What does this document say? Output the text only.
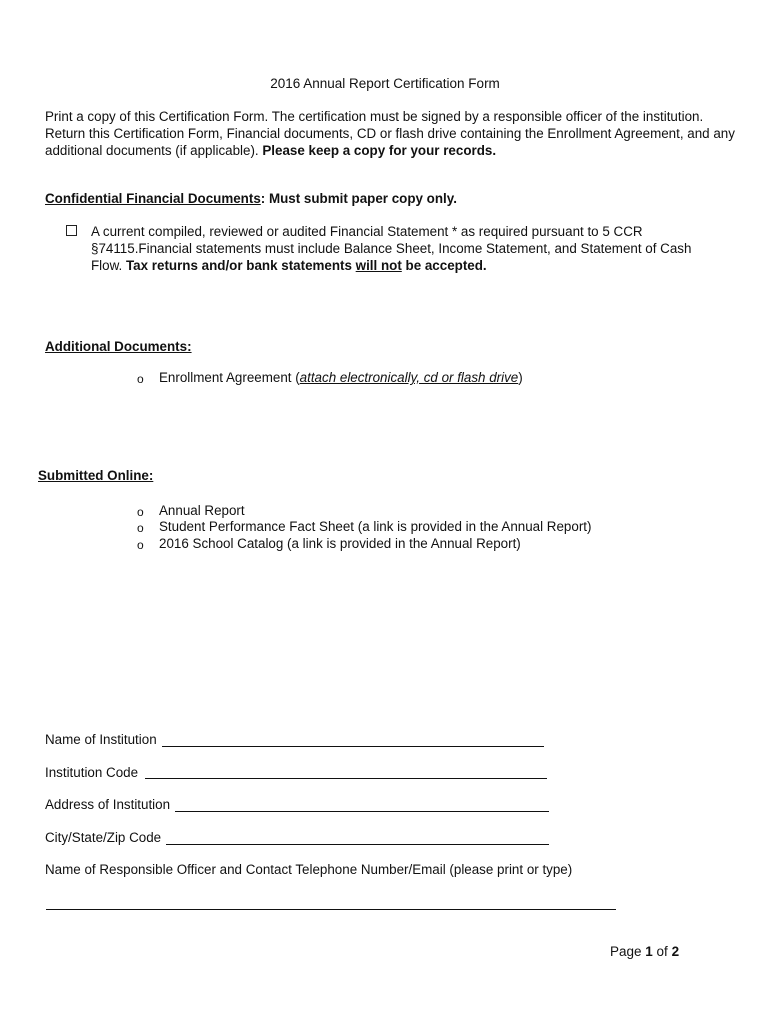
2016 Annual Report Certification Form
Print a copy of this Certification Form. The certification must be signed by a responsible officer of the institution. Return this Certification Form, Financial documents, CD or flash drive containing the Enrollment Agreement, and any additional documents (if applicable). Please keep a copy for your records.
Confidential Financial Documents: Must submit paper copy only.
A current compiled, reviewed or audited Financial Statement * as required pursuant to 5 CCR §74115.Financial statements must include Balance Sheet, Income Statement, and Statement of Cash Flow. Tax returns and/or bank statements will not be accepted.
Additional Documents:
o Enrollment Agreement (attach electronically, cd or flash drive)
Submitted Online:
o Annual Report
o Student Performance Fact Sheet (a link is provided in the Annual Report)
o 2016 School Catalog (a link is provided in the Annual Report)
Name of Institution
Institution Code
Address of Institution
City/State/Zip Code
Name of Responsible Officer and Contact Telephone Number/Email (please print or type)
Page 1 of 2
